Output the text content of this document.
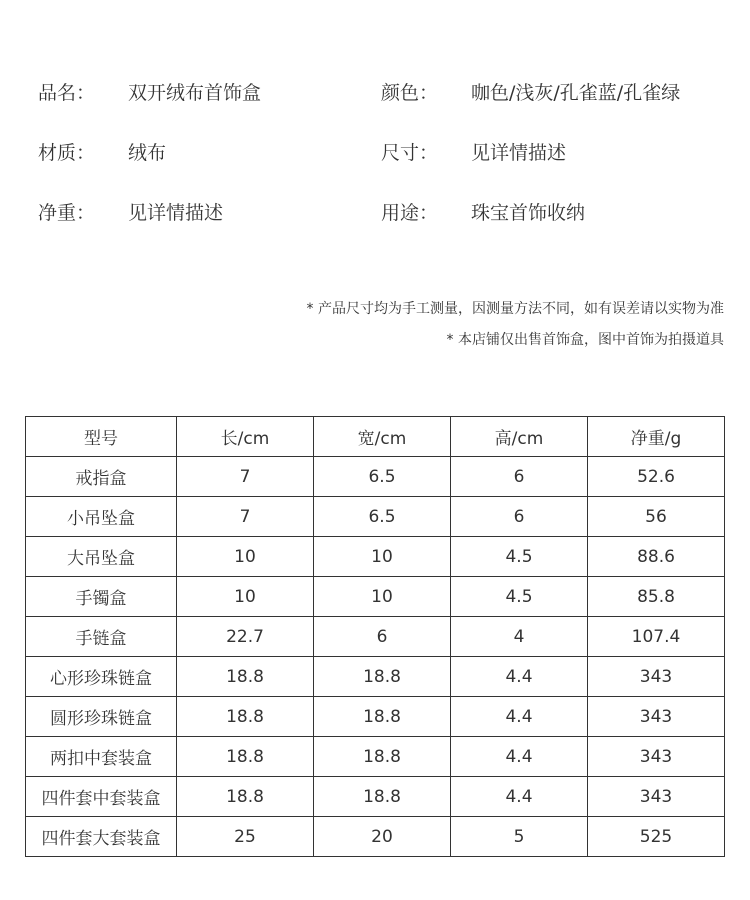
品名： 双开绒布首饰盒	颜色： 咖色/浅灰/孔雀蓝/孔雀绿
材质： 绒布	尺寸： 见详情描述
净重： 见详情描述	用途： 珠宝首饰收纳
* 产品尺寸均为手工测量，因测量方法不同，如有误差请以实物为准
* 本店铺仅出售首饰盒，图中首饰为拍摄道具
型号	长/cm	宽/cm	高/cm	净重/g
戒指盒	7	6.5	6	52.6
小吊坠盒	7	6.5	6	56
大吊坠盒	10	10	4.5	88.6
手镯盒	10	10	4.5	85.8
手链盒	22.7	6	4	107.4
心形珍珠链盒	18.8	18.8	4.4	343
圆形珍珠链盒	18.8	18.8	4.4	343
两扣中套装盒	18.8	18.8	4.4	343
四件套中套装盒	18.8	18.8	4.4	343
四件套大套装盒	25	20	5	525
